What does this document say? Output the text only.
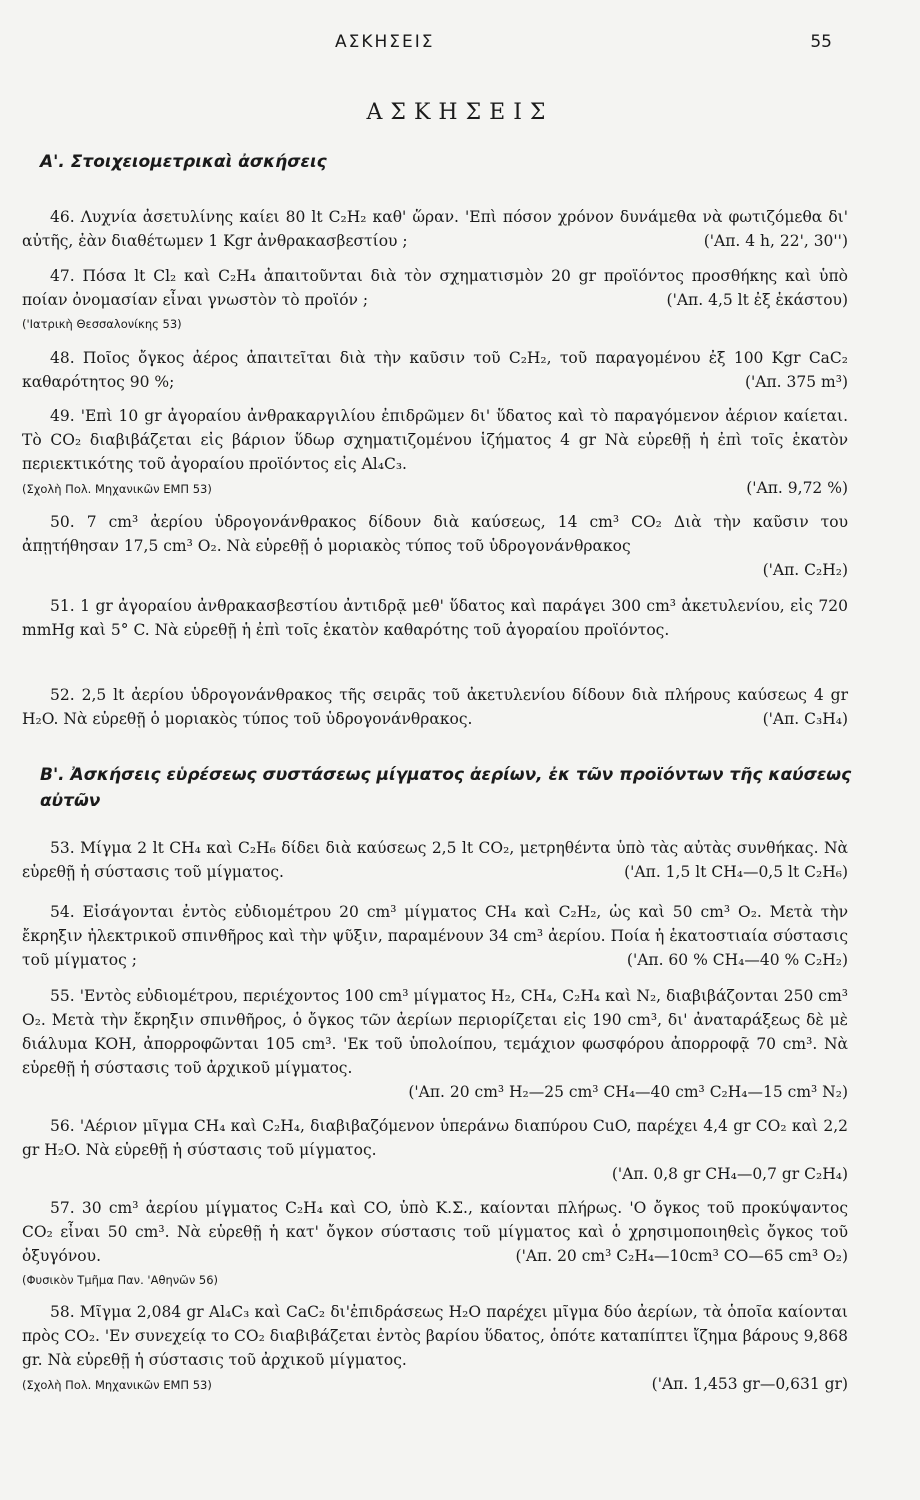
ΑΣΚΗΣΕΙΣ	55
ΑΣΚΗΣΕΙΣ
Α'. Στοιχειομετρικαὶ ἀσκήσεις

46. Λυχνία ἀσετυλίνης καίει 80 lt C₂H₂ καθ' ὥραν. 'Επὶ πόσον χρόνον δυνάμεθα νὰ φωτιζόμεθα δι' αὐτῆς, ἐὰν διαθέτωμεν 1 Kgr ἀνθρακασβεστίου ;	('Απ. 4 h, 22', 30'')

47. Πόσα lt Cl₂ καὶ C₂H₄ ἀπαιτοῦνται διὰ τὸν σχηματισμὸν 20 gr προϊόντος προσθήκης καὶ ὑπὸ ποίαν ὀνομασίαν εἶναι γνωστὸν τὸ προϊόν ;	('Απ. 4,5 lt ἐξ ἑκάστου)

('Ιατρικὴ Θεσσαλονίκης 53)

48. Ποῖος ὄγκος ἀέρος ἀπαιτεῖται διὰ τὴν καῦσιν τοῦ C₂H₂, τοῦ παραγομένου ἐξ 100 Kgr CaC₂ καθαρότητος 90 %;	('Απ. 375 m³)

49. 'Επὶ 10 gr ἀγοραίου ἀνθρακαργιλίου ἐπιδρῶμεν δι' ὕδατος καὶ τὸ παραγόμενον ἀέριον καίεται. Τὸ CO₂ διαβιβάζεται εἰς βάριον ὕδωρ σχηματιζομένου ἱζήματος 4 gr Νὰ εὑρεθῇ ἡ ἐπὶ τοῖς ἑκατὸν περιεκτικότης τοῦ ἀγοραίου προϊόντος εἰς Al₄C₃.

(Σχολὴ Πολ. Μηχανικῶν ΕΜΠ 53)	('Απ. 9,72 %)

50. 7 cm³ ἀερίου ὑδρογονάνθρακος δίδουν διὰ καύσεως, 14 cm³ CO₂ Διὰ τὴν καῦσιν του ἀπῃτήθησαν 17,5 cm³ O₂. Νὰ εὑρεθῇ ὁ μοριακὸς τύπος τοῦ ὑδρογονάνθρακος

('Απ. C₂H₂)

51. 1 gr ἀγοραίου ἀνθρακασβεστίου ἀντιδρᾷ μεθ' ὕδατος καὶ παράγει 300 cm³ ἀκετυλενίου, εἰς 720 mmHg καὶ 5° C. Νὰ εὑρεθῇ ἡ ἐπὶ τοῖς ἑκατὸν καθαρότης τοῦ ἀγοραίου προϊόντος.

52. 2,5 lt ἀερίου ὑδρογονάνθρακος τῆς σειρᾶς τοῦ ἀκετυλενίου δίδουν διὰ πλήρους καύσεως 4 gr H₂O. Νὰ εὑρεθῇ ὁ μοριακὸς τύπος τοῦ ὑδρογονάνθρακος.	('Απ. C₃H₄)

Β'. Ἀσκήσεις εὑρέσεως συστάσεως μίγματος ἀερίων, ἐκ τῶν προϊόντων τῆς καύσεως αὐτῶν

53. Μίγμα 2 lt CH₄ καὶ C₂H₆ δίδει διὰ καύσεως 2,5 lt CO₂, μετρηθέντα ὑπὸ τὰς αὐτὰς συνθήκας. Νὰ εὑρεθῇ ἡ σύστασις τοῦ μίγματος.	('Απ. 1,5 lt CH₄—0,5 lt C₂H₆)

54. Εἰσάγονται ἐντὸς εὐδιομέτρου 20 cm³ μίγματος CH₄ καὶ C₂H₂, ὡς καὶ 50 cm³ O₂. Μετὰ τὴν ἔκρηξιν ἠλεκτρικοῦ σπινθῆρος καὶ τὴν ψῦξιν, παραμένουν 34 cm³ ἀερίου. Ποία ἡ ἑκατοστιαία σύστασις τοῦ μίγματος ;	('Απ. 60 % CH₄—40 % C₂H₂)

55. 'Εντὸς εὐδιομέτρου, περιέχοντος 100 cm³ μίγματος H₂, CH₄, C₂H₄ καὶ N₂, διαβιβάζονται 250 cm³ O₂. Μετὰ τὴν ἔκρηξιν σπινθῆρος, ὁ ὄγκος τῶν ἀερίων περιορίζεται εἰς 190 cm³, δι' ἀναταράξεως δὲ μὲ διάλυμα KOH, ἀπορροφῶνται 105 cm³. 'Εκ τοῦ ὑπολοίπου, τεμάχιον φωσφόρου ἀπορροφᾷ 70 cm³. Νὰ εὑρεθῇ ἡ σύστασις τοῦ ἀρχικοῦ μίγματος.

('Απ. 20 cm³ H₂—25 cm³ CH₄—40 cm³ C₂H₄—15 cm³ N₂)

56. 'Αέριον μῖγμα CH₄ καὶ C₂H₄, διαβιβαζόμενον ὑπεράνω διαπύρου CuO, παρέχει 4,4 gr CO₂ καὶ 2,2 gr H₂O. Νὰ εὑρεθῇ ἡ σύστασις τοῦ μίγματος.

('Απ. 0,8 gr CH₄—0,7 gr C₂H₄)

57. 30 cm³ ἀερίου μίγματος C₂H₄ καὶ CO, ὑπὸ Κ.Σ., καίονται πλήρως. 'Ο ὄγκος τοῦ προκύψαντος CO₂ εἶναι 50 cm³. Νὰ εὑρεθῇ ἡ κατ' ὄγκον σύστασις τοῦ μίγματος καὶ ὁ χρησιμοποιηθεὶς ὄγκος τοῦ ὀξυγόνου.	('Απ. 20 cm³ C₂H₄—10cm³ CO—65 cm³ O₂)

(Φυσικὸν Τμῆμα Παν. 'Αθηνῶν 56)

58. Μῖγμα 2,084 gr Al₄C₃ καὶ CaC₂ δι'ἐπιδράσεως H₂O παρέχει μῖγμα δύο ἀερίων, τὰ ὁποῖα καίονται πρὸς CO₂. 'Εν συνεχείᾳ το CO₂ διαβιβάζεται ἐντὸς βαρίου ὕδατος, ὁπότε καταπίπτει ἴζημα βάρους 9,868 gr. Νὰ εὑρεθῇ ἡ σύστασις τοῦ ἀρχικοῦ μίγματος.

(Σχολὴ Πολ. Μηχανικῶν ΕΜΠ 53)	('Απ. 1,453 gr—0,631 gr)
